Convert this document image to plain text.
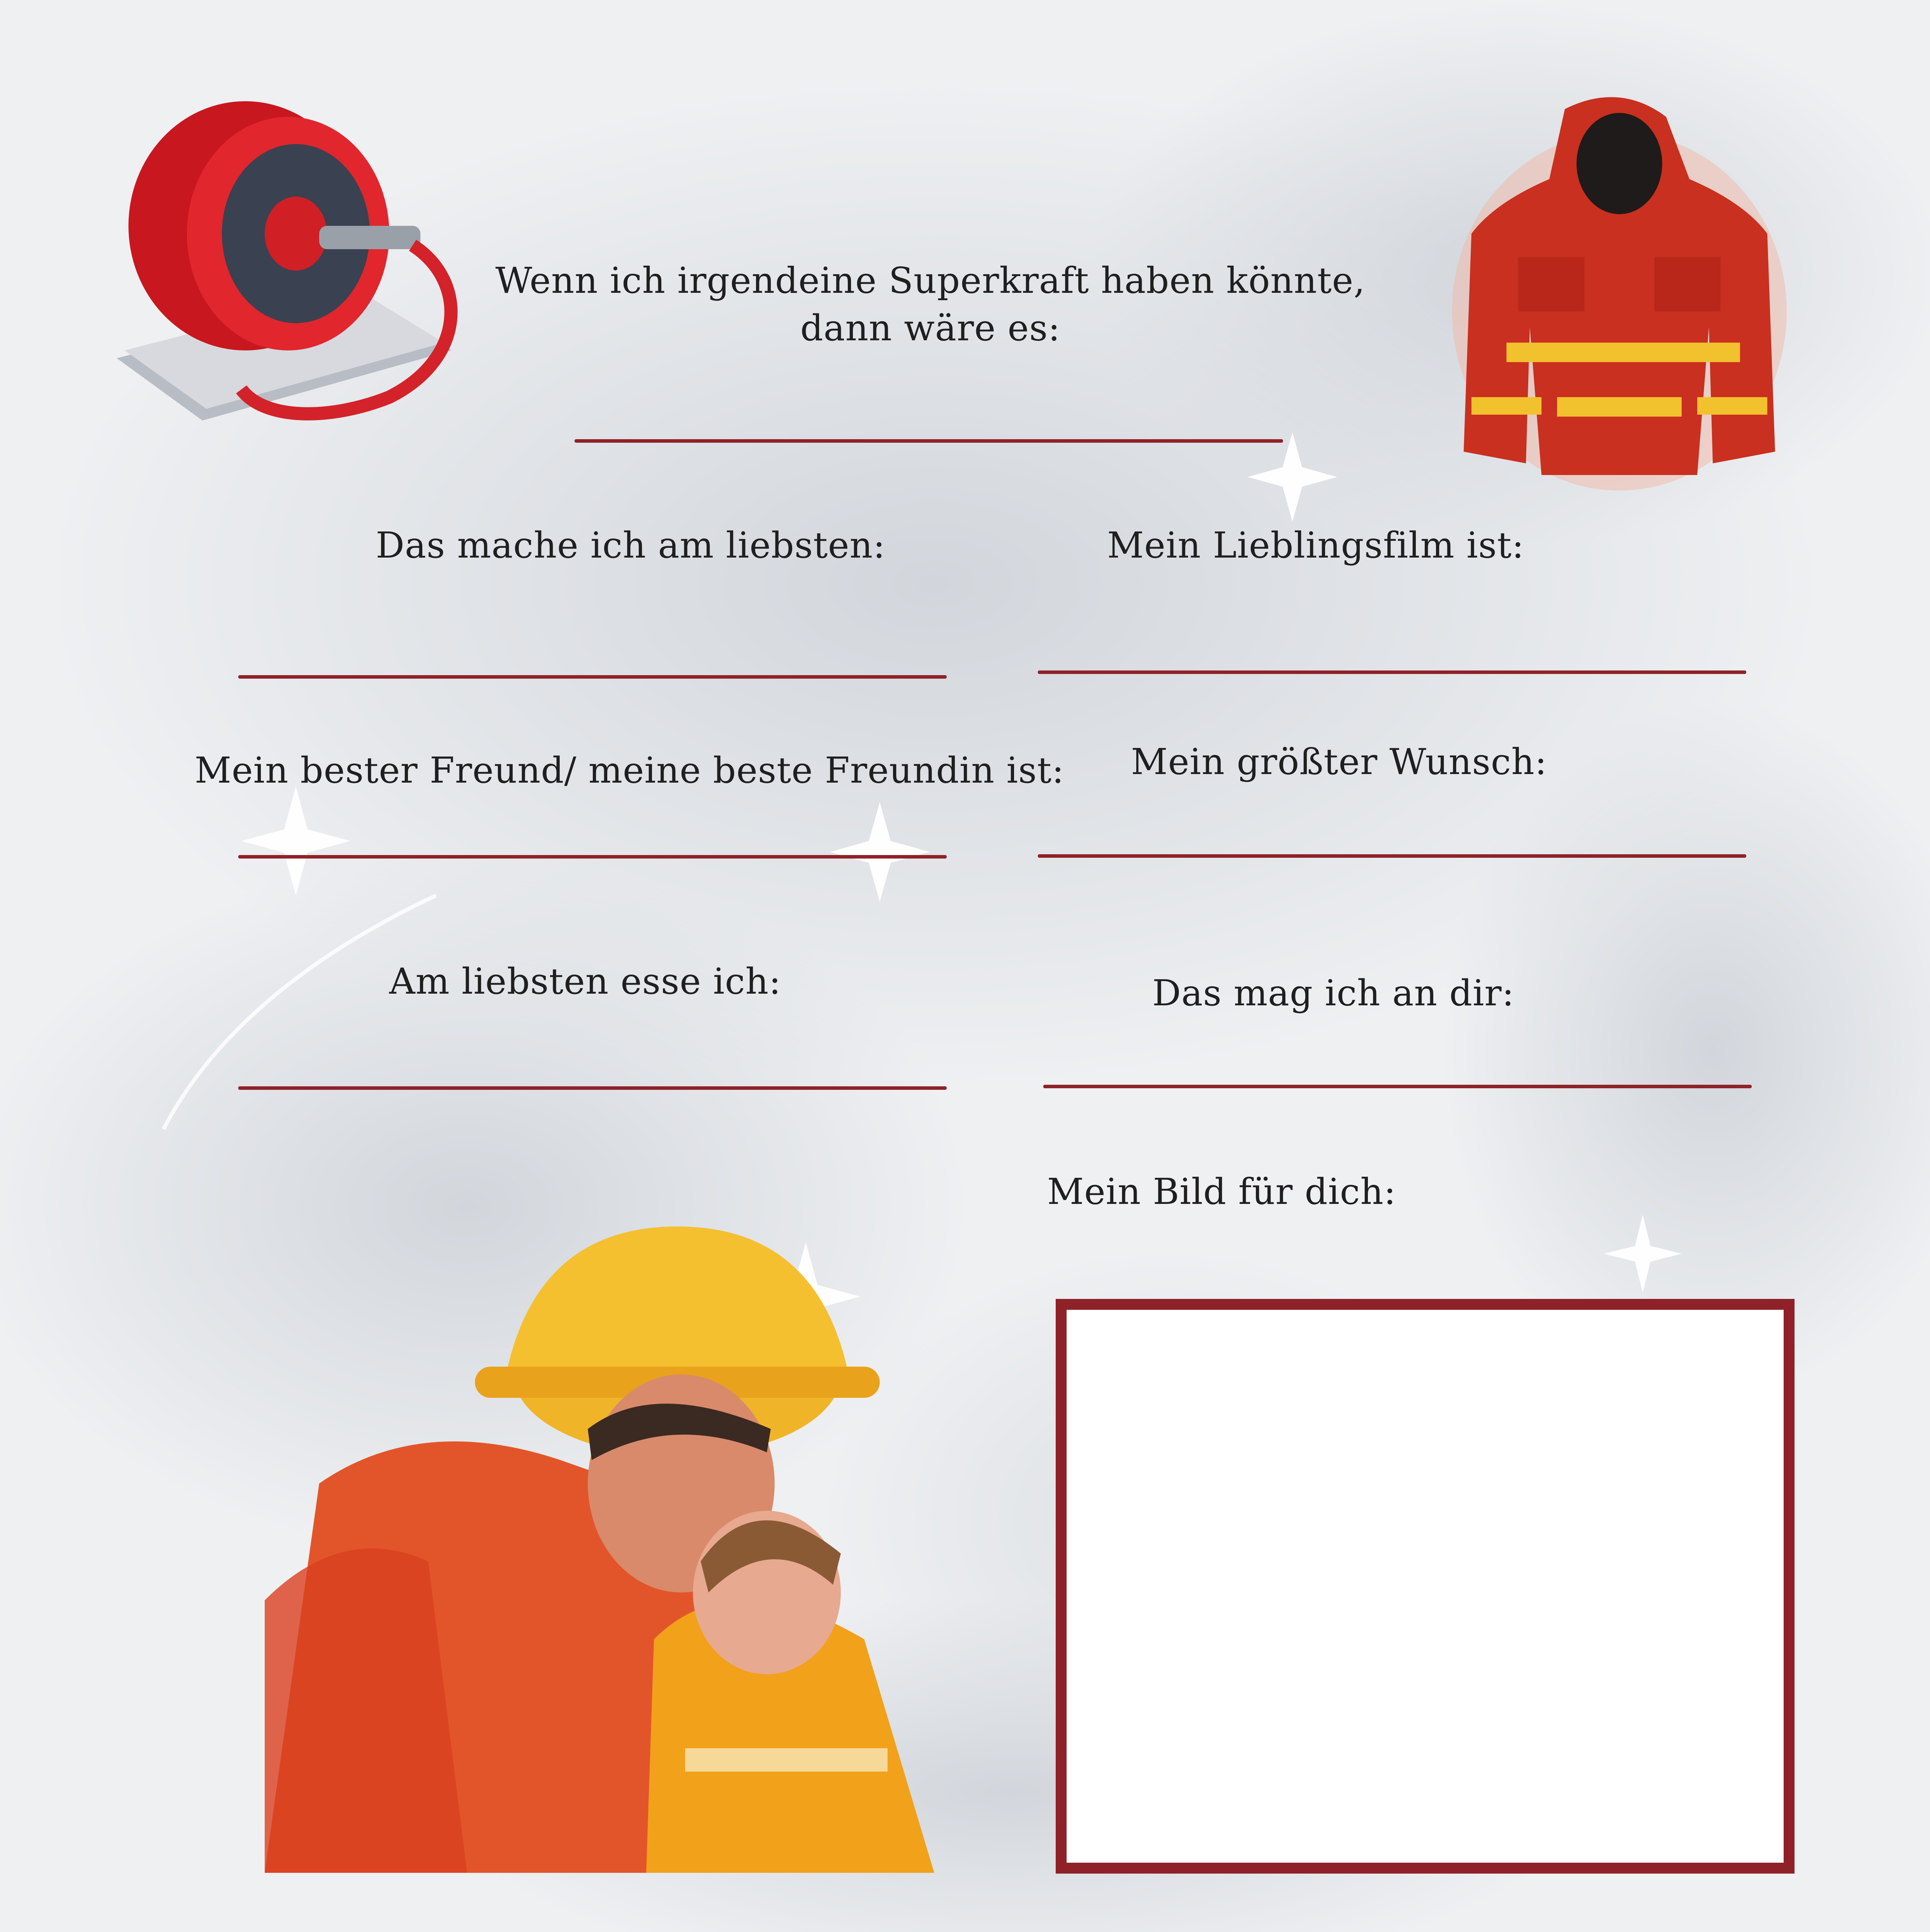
Wenn ich irgendeine Superkraft haben könnte, dann wäre es:
Das mache ich am liebsten:	Mein Lieblingsfilm ist:
Mein bester Freund/ meine beste Freundin ist: Mein größter Wunsch:
Am liebsten esse ich:	Das mag ich an dir:
Mein Bild für dich:
